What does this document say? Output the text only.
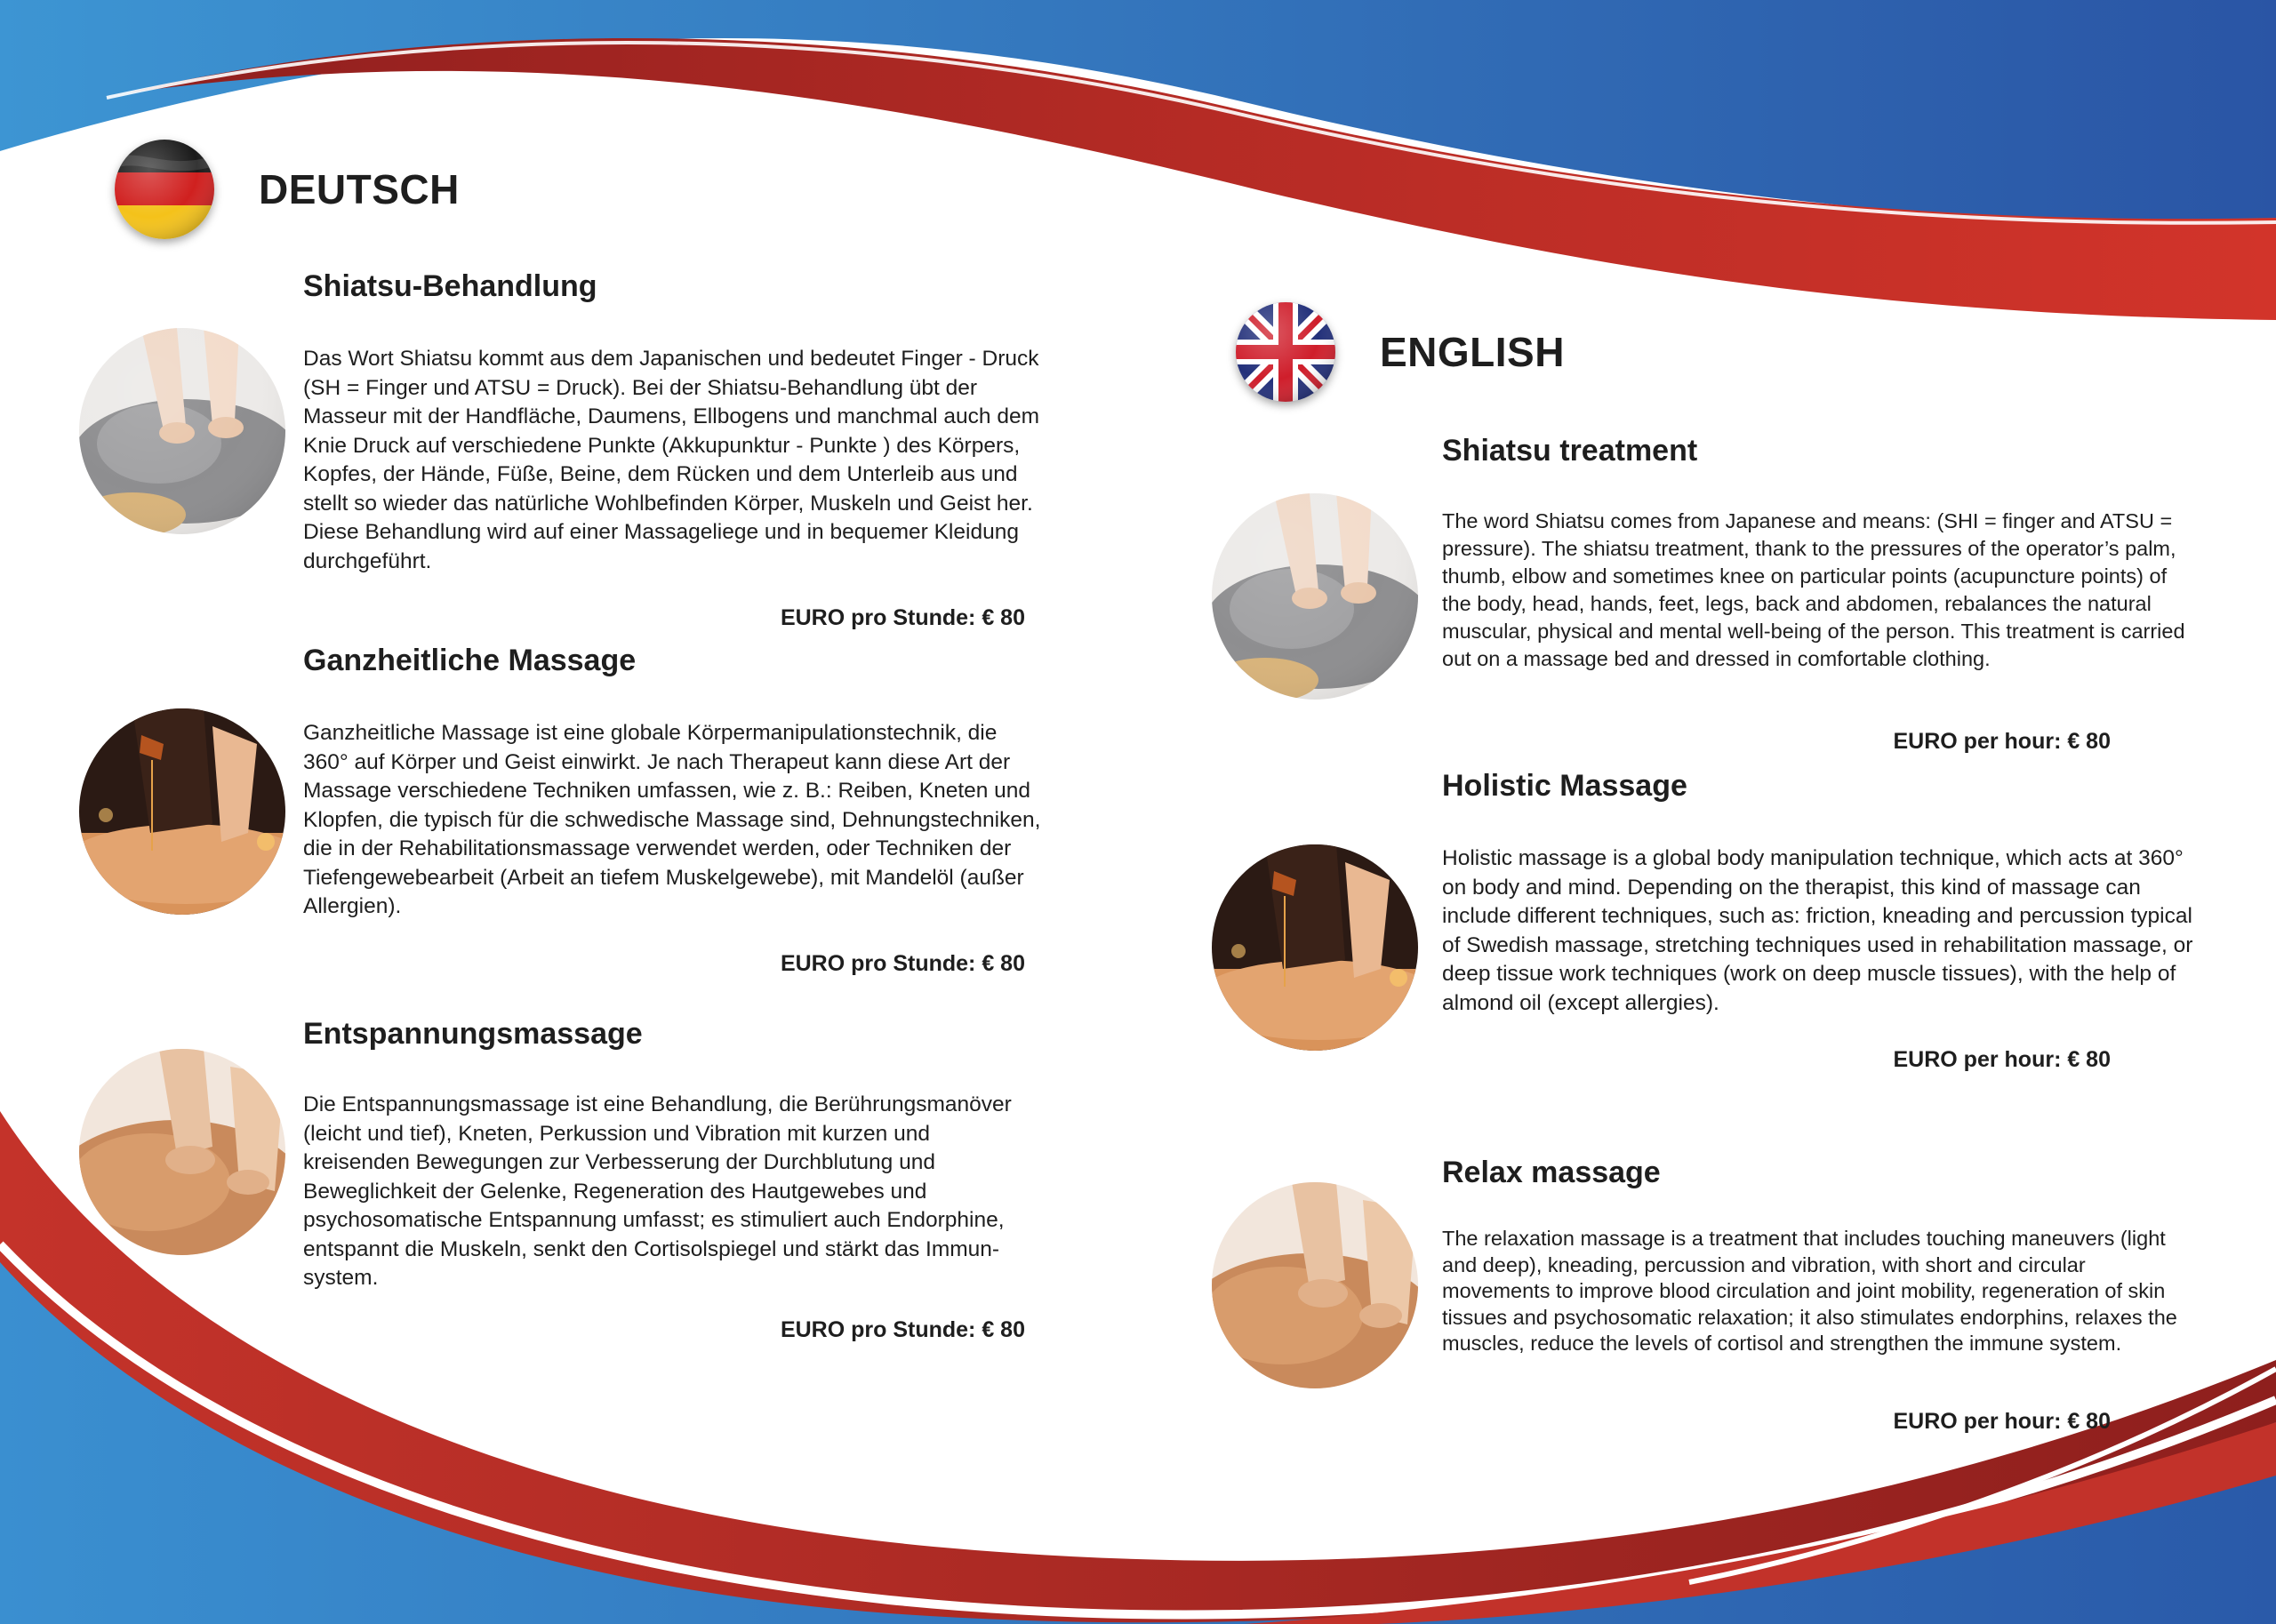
DEUTSCH
Shiatsu-Behandlung

Das Wort Shiatsu kommt aus dem Japanischen und bedeutet Finger - Druck (SH = Finger und ATSU = Druck). Bei der Shiatsu-Behandlung übt der Masseur mit der Handfläche, Daumens, Ellbogens und manchmal auch dem Knie Druck auf verschiedene Punkte (Akkupunktur - Punkte ) des Körpers, Kopfes, der Hände, Füße, Beine, dem Rücken und dem Unterleib aus und stellt so wieder das natürliche Wohlbefinden Körper, Muskeln und Geist her. Diese Behandlung wird auf einer Massageliege und in bequemer Kleidung durchgeführt.

EURO pro Stunde: € 80
Ganzheitliche Massage

Ganzheitliche Massage ist eine globale Körpermanipulationstechnik, die 360° auf Körper und Geist einwirkt. Je nach Therapeut kann diese Art der Massage verschiedene Techniken umfassen, wie z. B.: Reiben, Kneten und Klopfen, die typisch für die schwedische Massage sind, Dehnungstechniken, die in der Rehabilitationsmassage verwendet werden, oder Techniken der Tiefengewebearbeit (Arbeit an tiefem Muskelgewebe), mit Mandelöl (außer Allergien).

EURO pro Stunde: € 80
Entspannungsmassage

Die Entspannungsmassage ist eine Behandlung, die Berührungsmanöver (leicht und tief), Kneten, Perkussion und Vibration mit kurzen und kreisenden Bewegungen zur Verbesserung der Durchblutung und Beweglichkeit der Gelenke, Regeneration des Hautgewebes und psychosomatische Entspannung umfasst; es stimuliert auch Endorphine, entspannt die Muskeln, senkt den Cortisolspiegel und stärkt das Immunsystem.

EURO pro Stunde: € 80
ENGLISH
Shiatsu treatment

The word Shiatsu comes from Japanese and means: (SHI = finger and ATSU = pressure). The shiatsu treatment, thank to the pressures of the operator’s palm, thumb, elbow and sometimes knee on particular points (acupuncture points) of the body, head, hands, feet, legs, back and abdomen, rebalances the natural muscular, physical and mental well-being of the person. This treatment is carried out on a massage bed and dressed in comfortable clothing.

EURO per hour: € 80
Holistic Massage

Holistic massage is a global body manipulation technique, which acts at 360° on body and mind. Depending on the therapist, this kind of massage can include different techniques, such as: friction, kneading and percussion typical of Swedish massage, stretching techniques used in rehabilitation massage, or deep tissue work techniques (work on deep muscle tissues), with the help of almond oil (except allergies).

EURO per hour: € 80
Relax massage

The relaxation massage is a treatment that includes touching maneuvers (light and deep), kneading, percussion and vibration, with short and circular movements to improve blood circulation and joint mobility, regeneration of skin tissues and psychosomatic relaxation; it also stimulates endorphins, relaxes the muscles, reduce the levels of cortisol and strengthen the immune system.

EURO per hour: € 80
